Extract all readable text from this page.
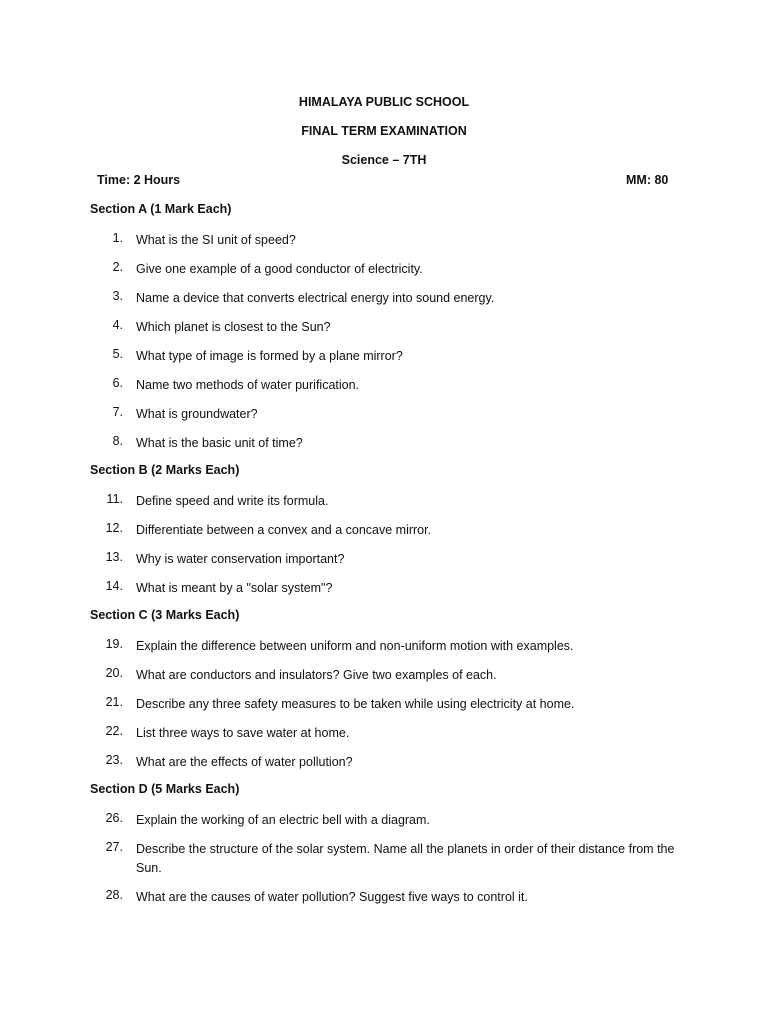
HIMALAYA PUBLIC SCHOOL
FINAL TERM EXAMINATION
Science – 7TH
Time: 2 Hours	MM: 80
Section A (1 Mark Each)
1. What is the SI unit of speed?
2. Give one example of a good conductor of electricity.
3. Name a device that converts electrical energy into sound energy.
4. Which planet is closest to the Sun?
5. What type of image is formed by a plane mirror?
6. Name two methods of water purification.
7. What is groundwater?
8. What is the basic unit of time?
Section B (2 Marks Each)
11. Define speed and write its formula.
12. Differentiate between a convex and a concave mirror.
13. Why is water conservation important?
14. What is meant by a "solar system"?
Section C (3 Marks Each)
19. Explain the difference between uniform and non-uniform motion with examples.
20. What are conductors and insulators? Give two examples of each.
21. Describe any three safety measures to be taken while using electricity at home.
22. List three ways to save water at home.
23. What are the effects of water pollution?
Section D (5 Marks Each)
26. Explain the working of an electric bell with a diagram.
27. Describe the structure of the solar system. Name all the planets in order of their distance from the Sun.
28. What are the causes of water pollution? Suggest five ways to control it.
